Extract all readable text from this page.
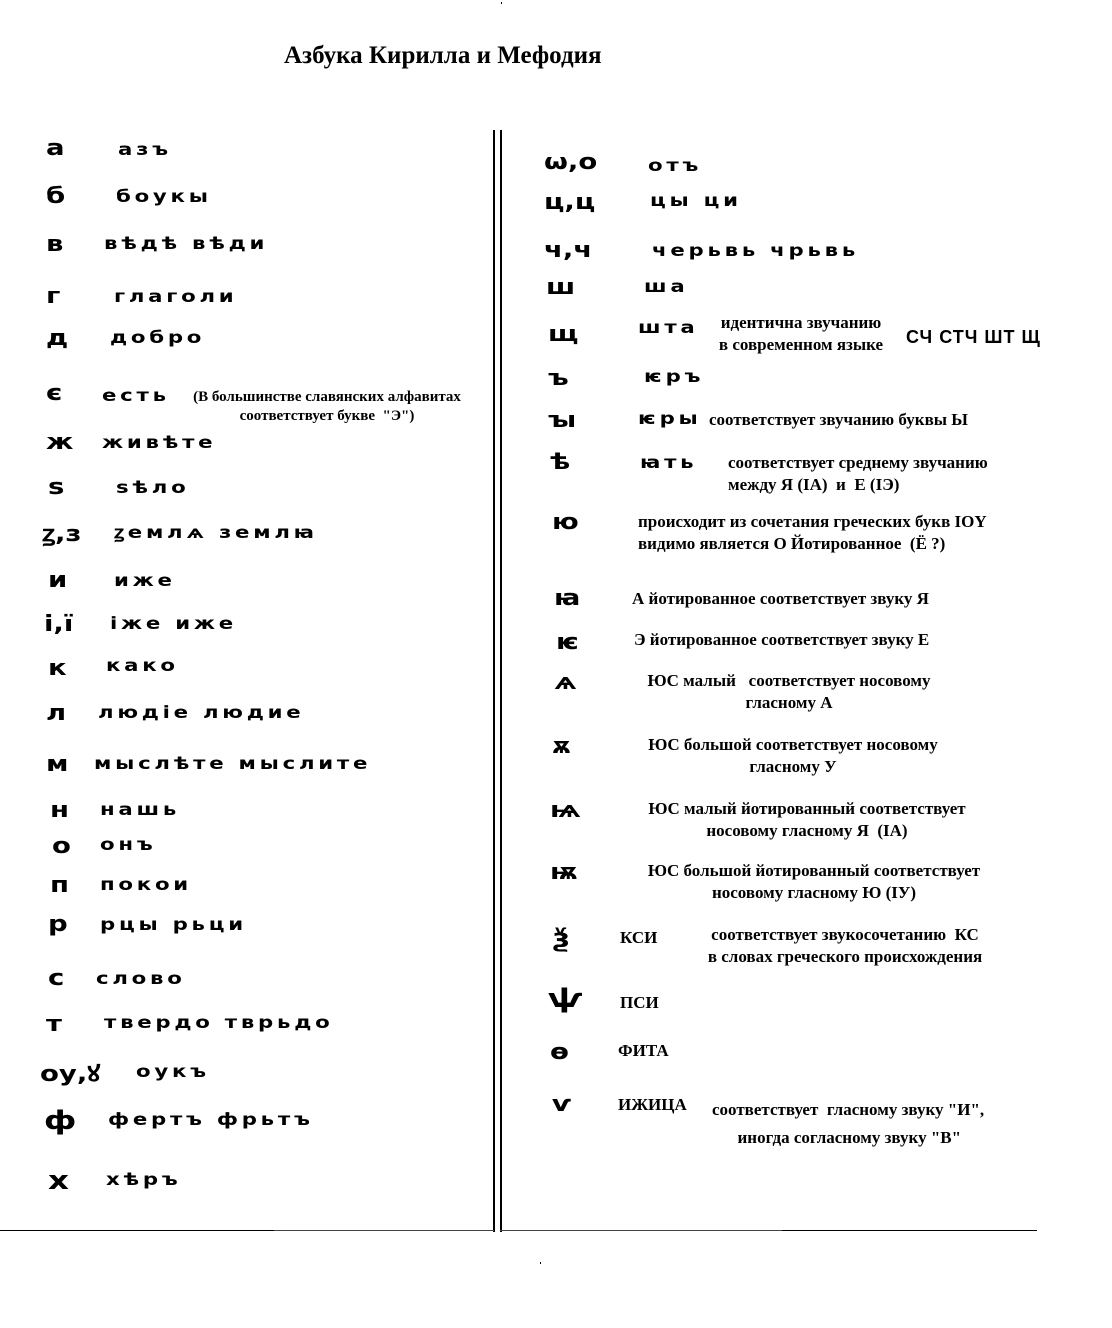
Азбука Кирилла и Мефодия
а	азъ
б	боукы
в вѣдѣ вѣди
г	глаголи
д добро
є есть	(В большинстве славянских алфавитах
соответствует букве  "Э")
ж живѣте
ѕ	ѕѣло
ꙁ,з ꙁемлѧ землꙗ
и	иже
і,ї іже иже
к како
л людіе людие
м мыслѣте мыслите
н нашь
о онъ
п покои
р рцы рьци
с слово
т твердо тврьдо
оу,ꙋ оукъ
ф фертъ фрьтъ
х хѣръ
ѡ,о	отъ
ц,ц	цы ци
ч,ч	черьвь чрьвь
ш	ша
щ	шта	идентична звучанию
в современном языке	СЧ СТЧ ШТ Щ
ъ	ѥръ
ꙑ	ѥры соответствует звучанию буквы Ы
ѣ	ꙗть соответствует среднему звучанию
между Я (IA)  и  Е (IЭ)
ю	происходит из сочетания греческих букв IOY
видимо является О Йотированное  (Ё ?)
ꙗ	А йотированное соответствует звуку Я
ѥ	Э йотированное соответствует звуку Е
ѧ	ЮС малый   соответствует носовому
гласному А
ѫ	ЮС большой соответствует носовому
гласному У
ѩ	ЮС малый йотированный соответствует
носовому гласному Я  (IA)
ѭ	ЮС большой йотированный соответствует
носовому гласному Ю (IУ)
ѯ	КСИ	соответствует звукосочетанию  КС
в словах греческого происхождения
ѱ ПСИ
ѳ	ФИТА
ѵ	ИЖИЦА соответствует  гласному звуку "И",
иногда согласному звуку "В"
